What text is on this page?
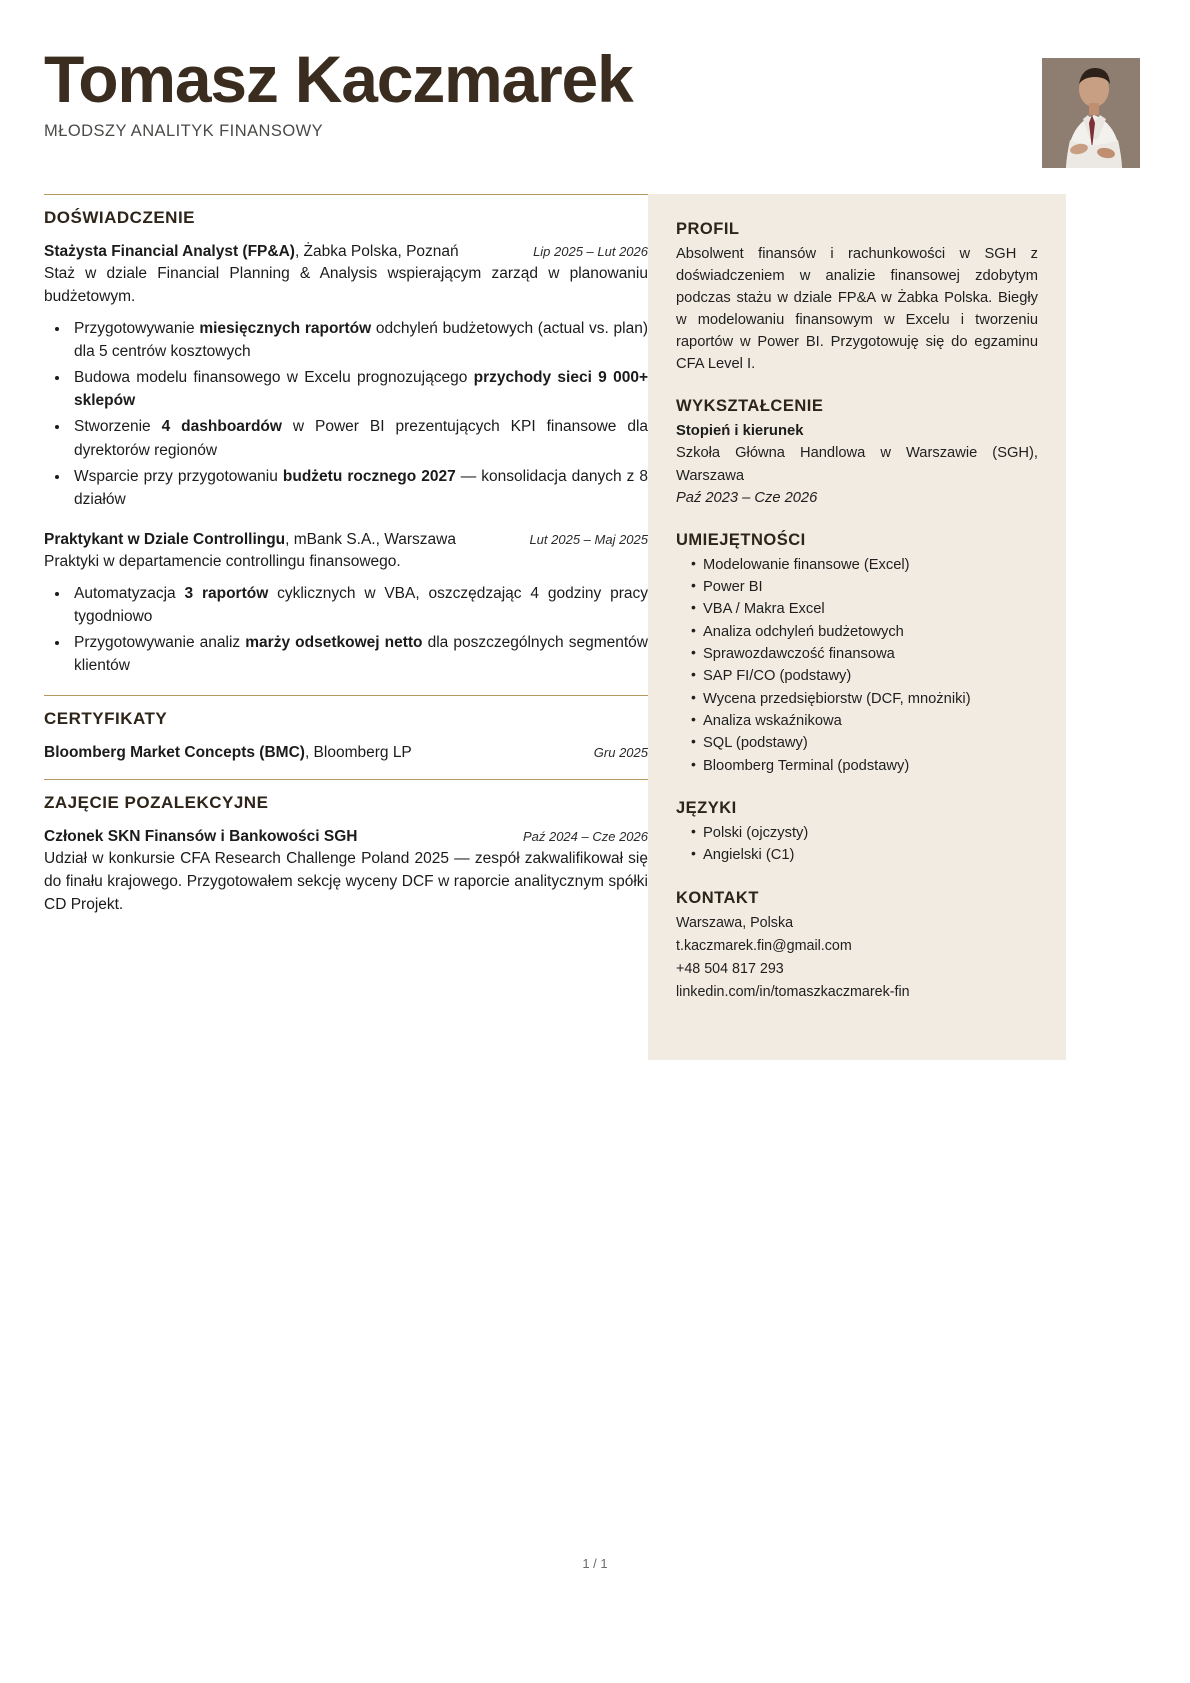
Tomasz Kaczmarek
MŁODSZY ANALITYK FINANSOWY
DOŚWIADCZENIE
Stażysta Financial Analyst (FP&A), Żabka Polska, Poznań	Lip 2025 – Lut 2026

Staż w dziale Financial Planning & Analysis wspierającym zarząd w planowaniu budżetowym.

• Przygotowywanie miesięcznych raportów odchyleń budżetowych (actual vs. plan) dla 5 centrów kosztowych
• Budowa modelu finansowego w Excelu prognozującego przychody sieci 9 000+ sklepów
• Stworzenie 4 dashboardów w Power BI prezentujących KPI finansowe dla dyrektorów regionów
• Wsparcie przy przygotowaniu budżetu rocznego 2027 — konsolidacja danych z 8 działów
Praktykant w Dziale Controllingu, mBank S.A., Warszawa	Lut 2025 – Maj 2025

Praktyki w departamencie controllingu finansowego.

• Automatyzacja 3 raportów cyklicznych w VBA, oszczędzając 4 godziny pracy tygodniowo
• Przygotowywanie analiz marży odsetkowej netto dla poszczególnych segmentów klientów
CERTYFIKATY
Bloomberg Market Concepts (BMC), Bloomberg LP	Gru 2025
ZAJĘCIE POZALEKCYJNE
Członek SKN Finansów i Bankowości SGH	Paź 2024 – Cze 2026

Udział w konkursie CFA Research Challenge Poland 2025 — zespół zakwalifikował się do finału krajowego. Przygotowałem sekcję wyceny DCF w raporcie analitycznym spółki CD Projekt.

PROFIL

Absolwent finansów i rachunkowości w SGH z doświadczeniem w analizie finansowej zdobytym podczas stażu w dziale FP&A w Żabka Polska. Biegły w modelowaniu finansowym w Excelu i tworzeniu raportów w Power BI. Przygotowuję się do egzaminu CFA Level I.

WYKSZTAŁCENIE
Stopień i kierunek
Szkoła Główna Handlowa w Warszawie (SGH), Warszawa
Paź 2023 – Cze 2026
UMIEJĘTNOŚCI
• Modelowanie finansowe (Excel)
• Power BI
• VBA / Makra Excel
• Analiza odchyleń budżetowych
• Sprawozdawczość finansowa
• SAP FI/CO (podstawy)
• Wycena przedsiębiorstw (DCF, mnożniki)
• Analiza wskaźnikowa
• SQL (podstawy)
• Bloomberg Terminal (podstawy)
JĘZYKI
• Polski (ojczysty)
• Angielski (C1)
KONTAKT
Warszawa, Polska
t.kaczmarek.fin@gmail.com
+48 504 817 293
linkedin.com/in/tomaszkaczmarek-fin
1 / 1
